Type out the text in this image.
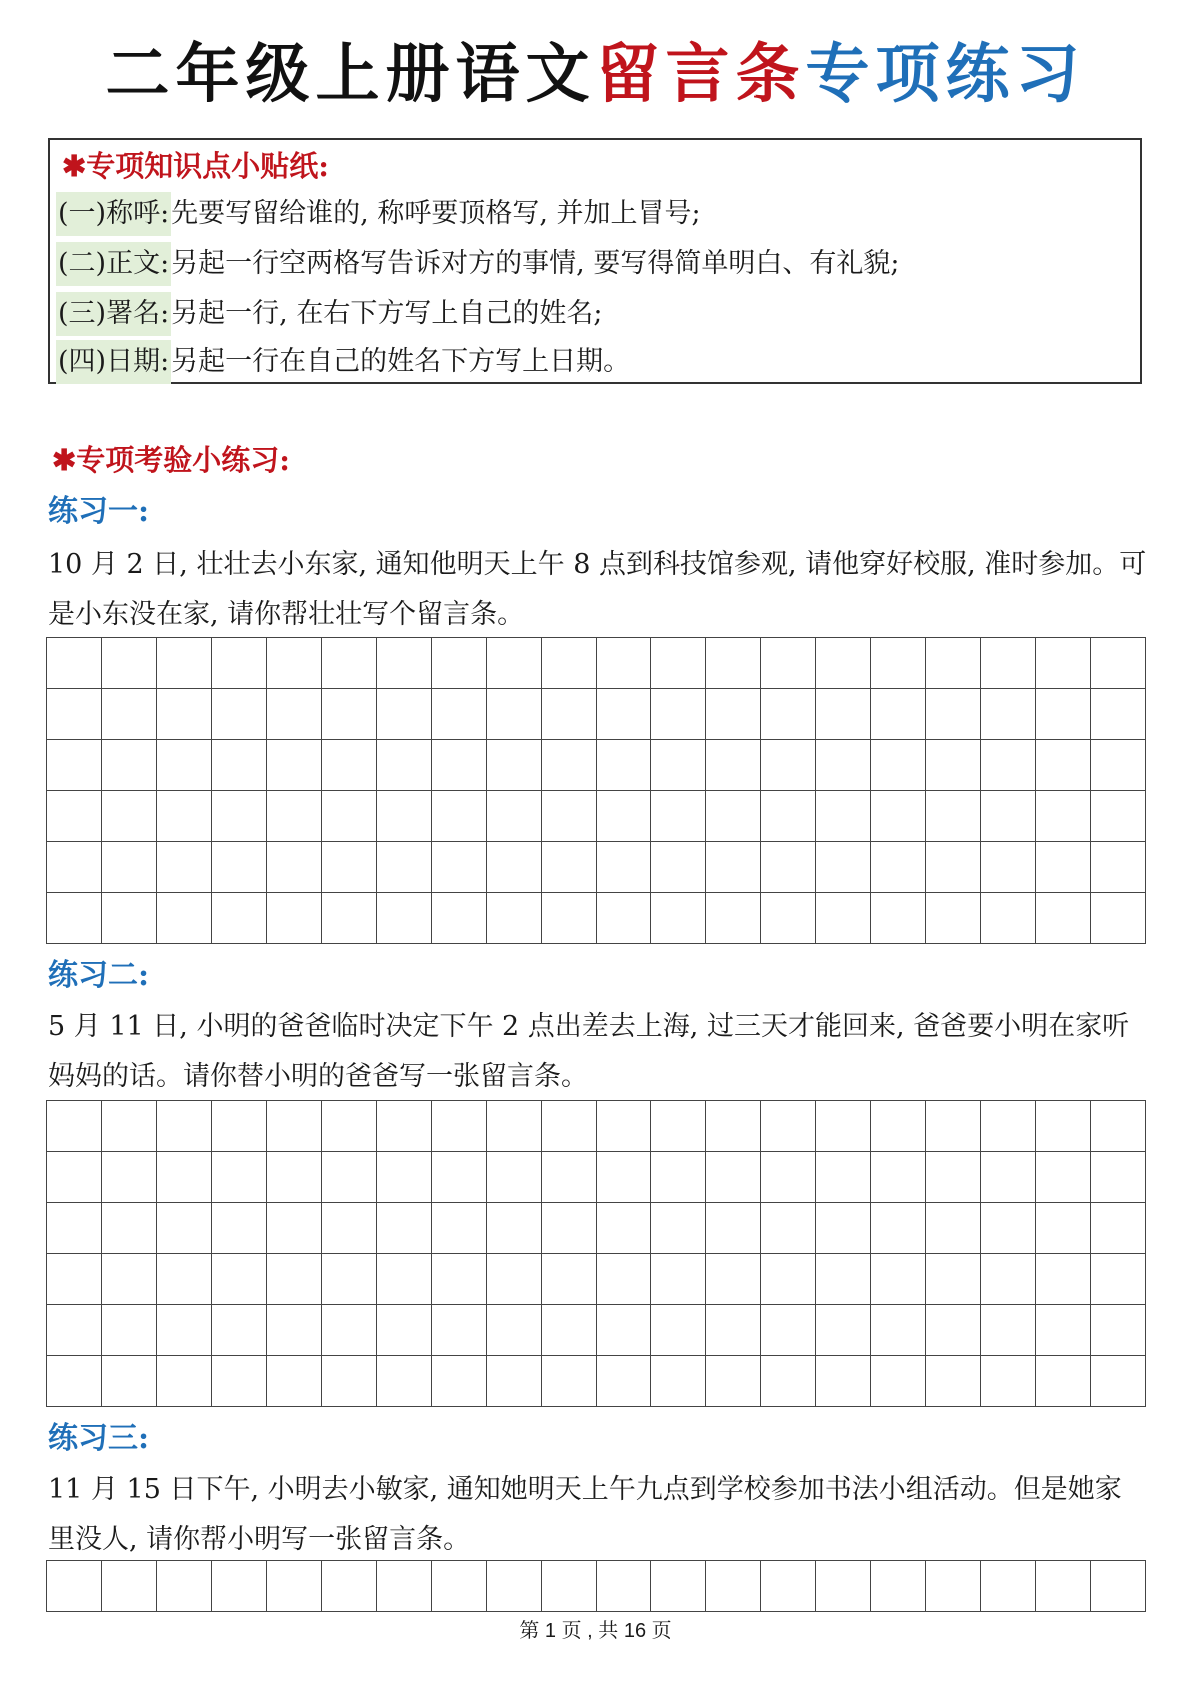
二年级上册语文留言条专项练习
✱专项知识点小贴纸:
(一)称呼:先要写留给谁的, 称呼要顶格写, 并加上冒号;
(二)正文:另起一行空两格写告诉对方的事情, 要写得简单明白、有礼貌;
(三)署名:另起一行, 在右下方写上自己的姓名;
(四)日期:另起一行在自己的姓名下方写上日期。
✱专项考验小练习:
练习一:
10 月 2 日, 壮壮去小东家, 通知他明天上午 8 点到科技馆参观, 请他穿好校服, 准时参加。可是小东没在家, 请你帮壮壮写个留言条。
练习二:
5 月 11 日, 小明的爸爸临时决定下午 2 点出差去上海, 过三天才能回来, 爸爸要小明在家听妈妈的话。请你替小明的爸爸写一张留言条。
练习三:
11 月 15 日下午, 小明去小敏家, 通知她明天上午九点到学校参加书法小组活动。但是她家里没人, 请你帮小明写一张留言条。
第 1 页 , 共 16 页
